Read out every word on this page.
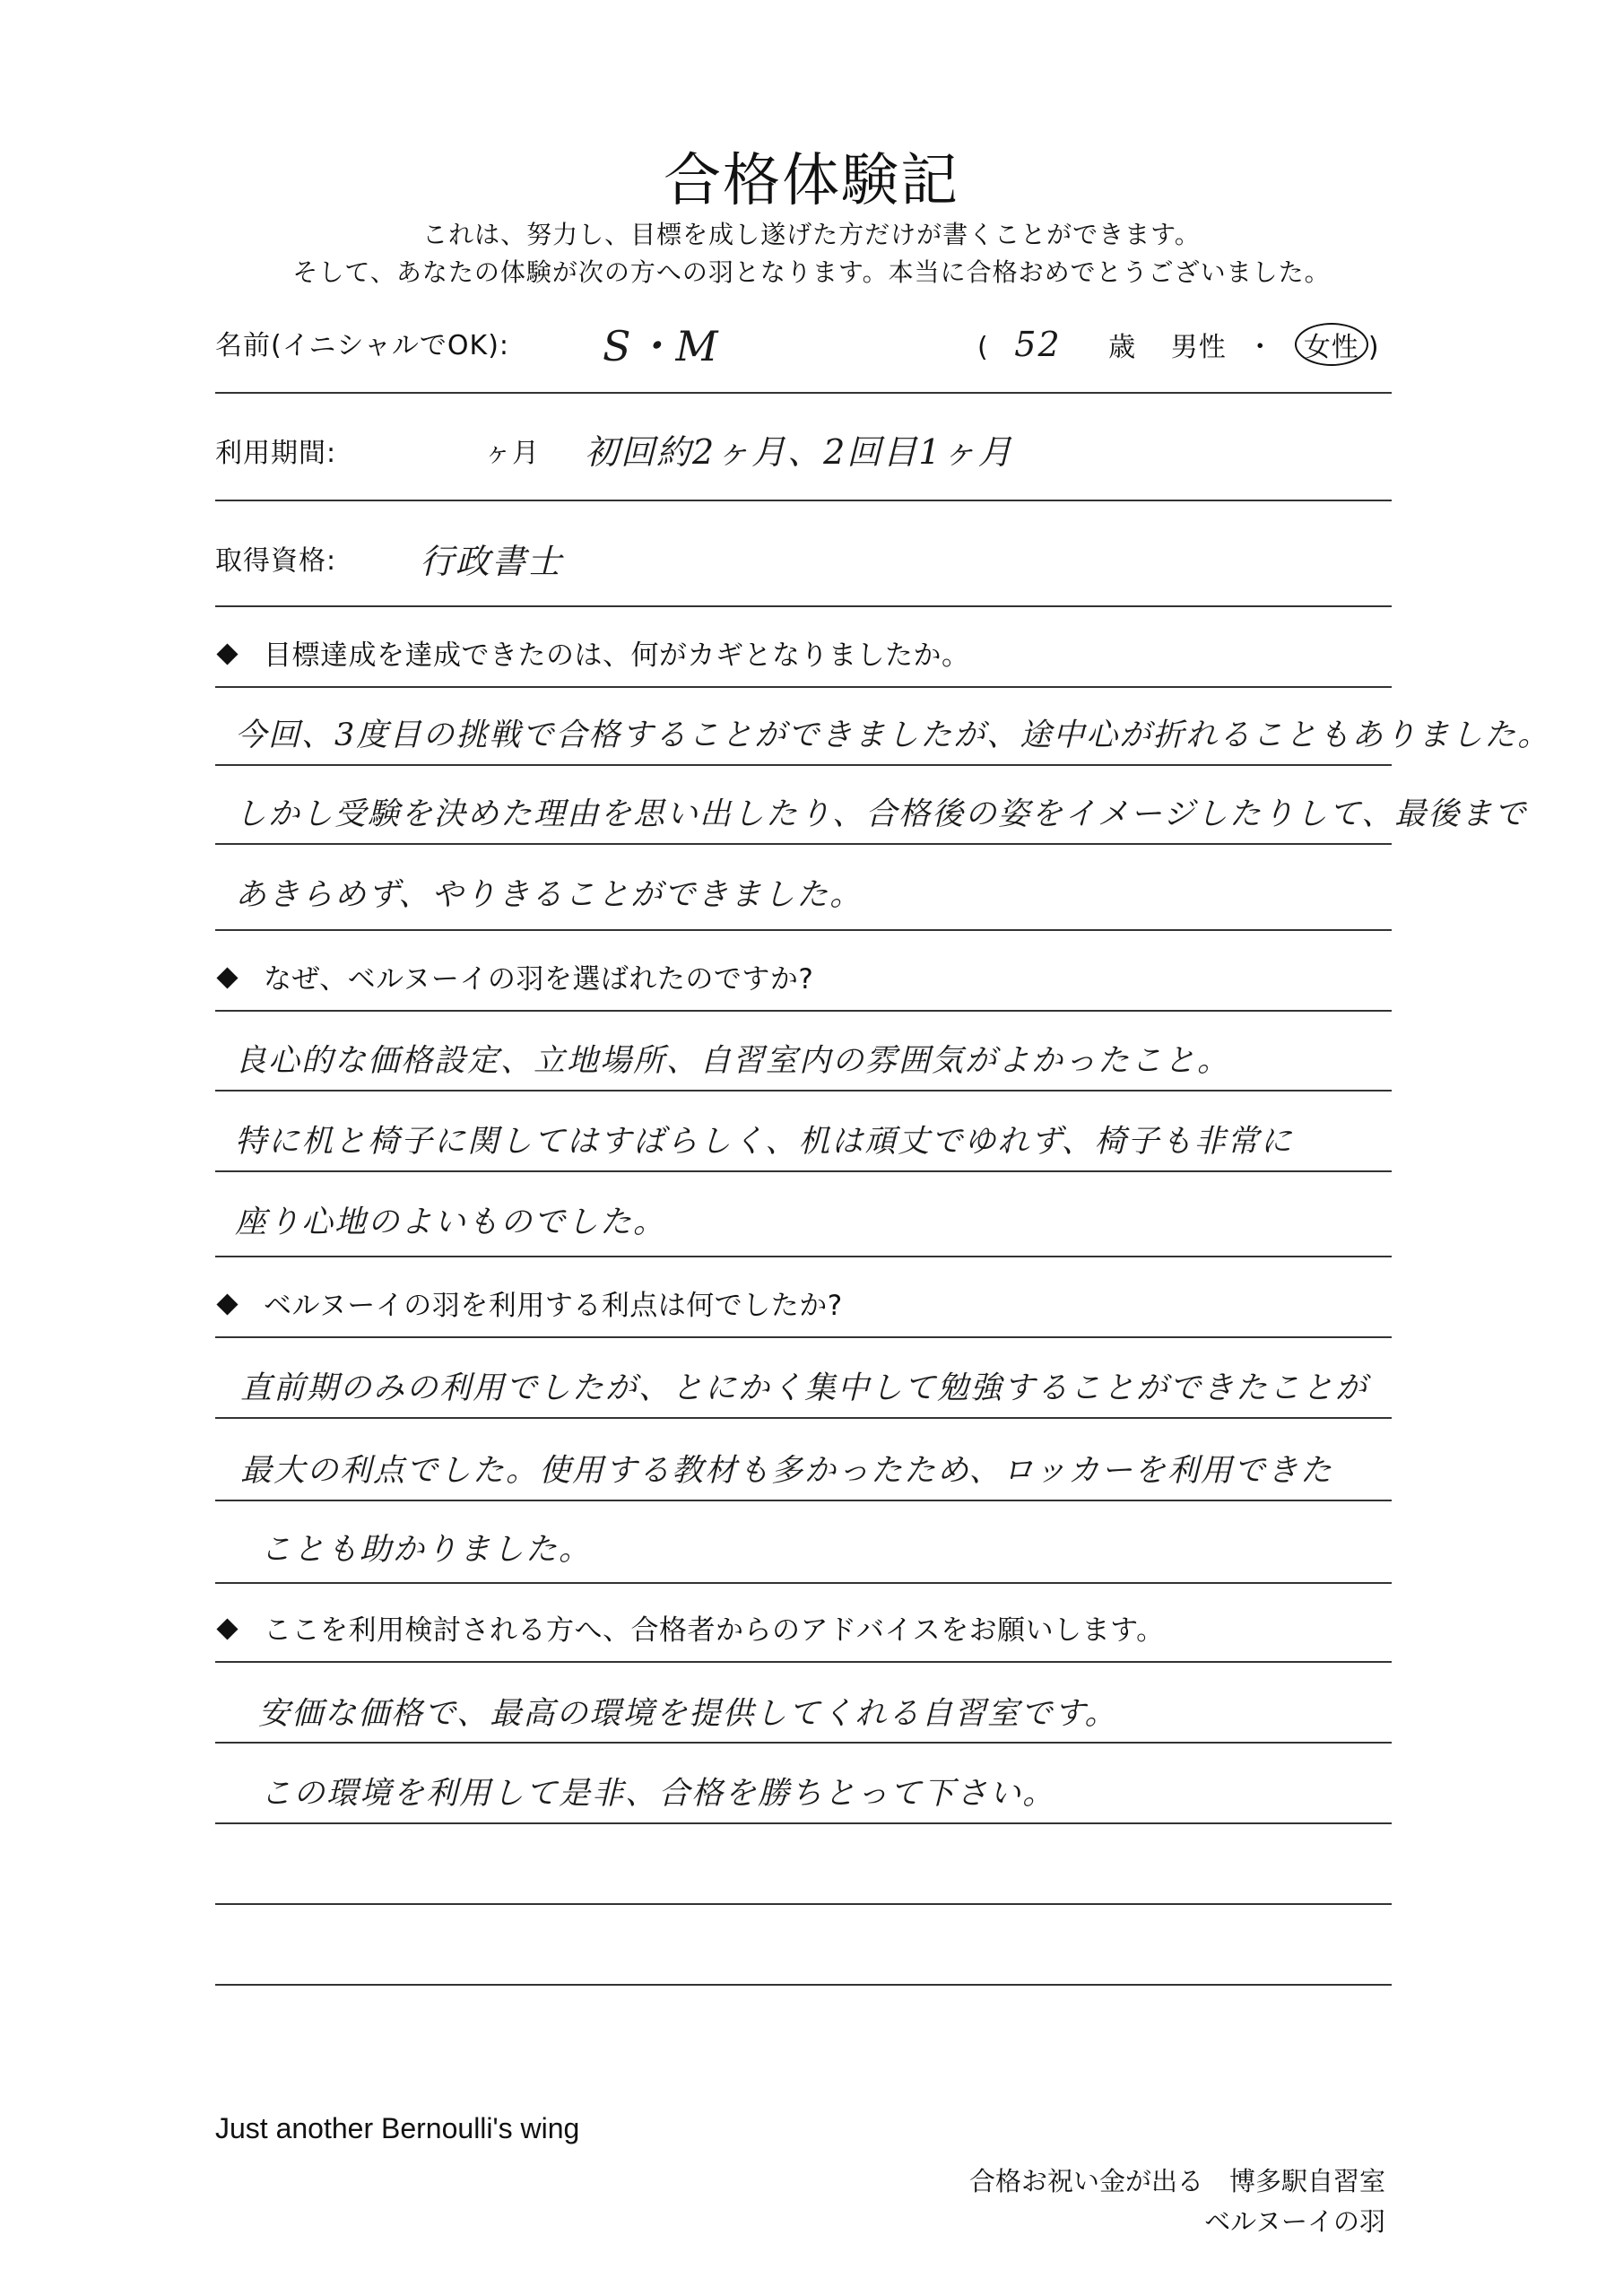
合格体験記
これは、努力し、目標を成し遂げた方だけが書くことができます。
そして、あなたの体験が次の方への羽となります。本当に合格おめでとうございました。
名前(イニシャルでOK): S・M	( 52 歳 男性 ・ 女性 )
利用期間:	ヶ月 初回約2ヶ月、2回目1ヶ月
取得資格: 行政書士
目標達成を達成できたのは、何がカギとなりましたか。
今回、3度目の挑戦で合格することができましたが、途中心が折れることもありました。
しかし受験を決めた理由を思い出したり、合格後の姿をイメージしたりして、最後まで
あきらめず、やりきることができました。
なぜ、ベルヌーイの羽を選ばれたのですか?
良心的な価格設定、立地場所、自習室内の雰囲気がよかったこと。
特に机と椅子に関してはすばらしく、机は頑丈でゆれず、椅子も非常に
座り心地のよいものでした。
ベルヌーイの羽を利用する利点は何でしたか?
直前期のみの利用でしたが、とにかく集中して勉強することができたことが
最大の利点でした。使用する教材も多かったため、ロッカーを利用できた
ことも助かりました。
ここを利用検討される方へ、合格者からのアドバイスをお願いします。
安価な価格で、最高の環境を提供してくれる自習室です。
この環境を利用して是非、合格を勝ちとって下さい。
Just another Bernoulli's wing
合格お祝い金が出る　博多駅自習室
ベルヌーイの羽
